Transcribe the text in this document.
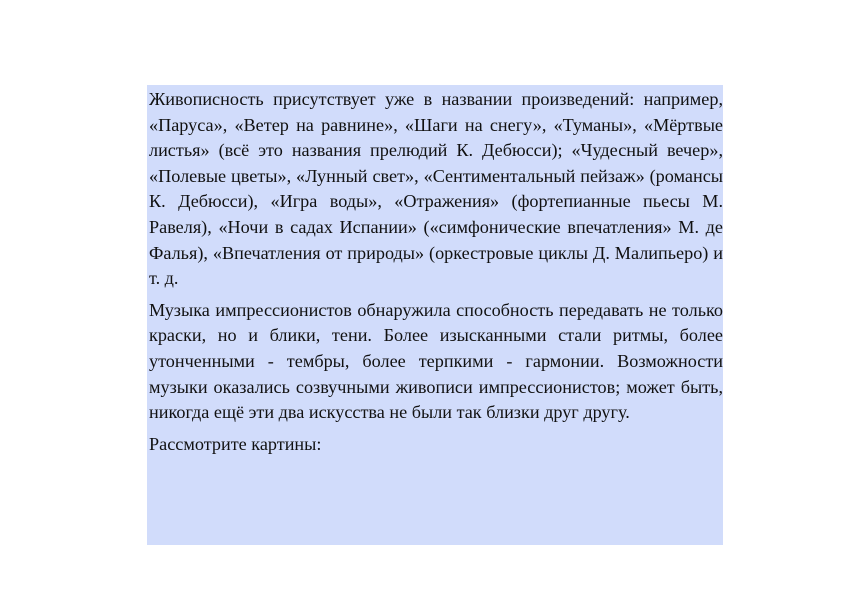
Живописность присутствует уже в названии произведений: например, «Паруса», «Ветер на равнине», «Шаги на снегу», «Туманы», «Мёртвые листья» (всё это названия прелюдий К. Дебюсси); «Чудесный вечер», «Полевые цветы», «Лунный свет», «Сентиментальный пейзаж» (романсы К. Дебюсси), «Игра воды», «Отражения» (фортепианные пьесы М. Равеля), «Ночи в садах Испании» («симфонические впечатления» М. де Фалья), «Впечатления от природы» (оркестровые циклы Д. Малипьеро) и т. д.

Музыка импрессионистов обнаружила способность передавать не только краски, но и блики, тени. Более изысканными стали ритмы, более утонченными - тембры, более терпкими - гармонии. Возможности музыки оказались созвучными живописи импрессионистов; может быть, никогда ещё эти два искусства не были так близки друг другу.

Рассмотрите картины:
